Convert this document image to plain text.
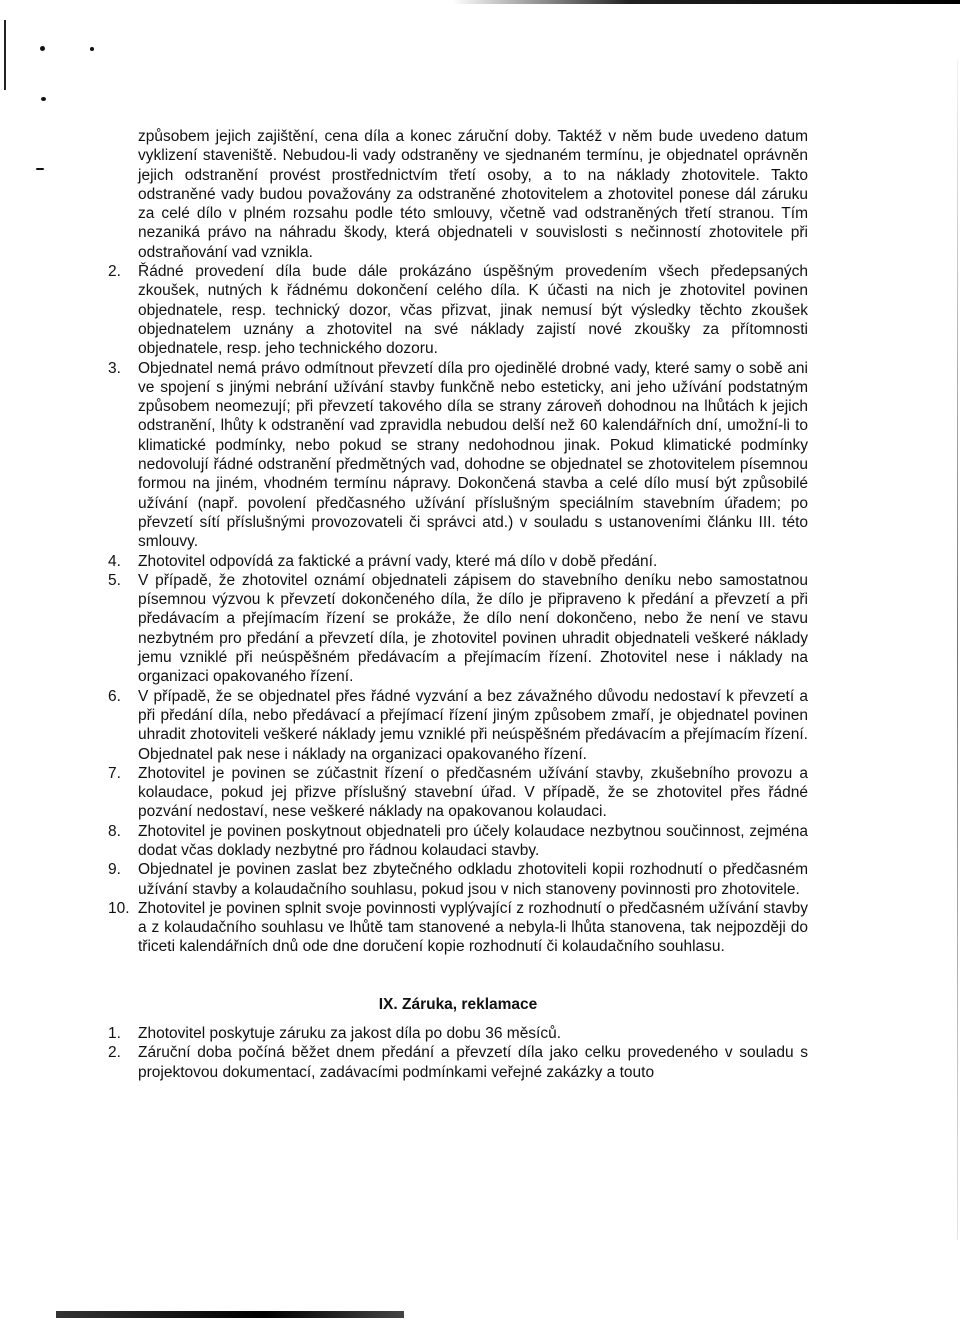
způsobem jejich zajištění, cena díla a konec záruční doby. Taktéž v něm bude uvedeno datum vyklizení staveniště. Nebudou-li vady odstraněny ve sjednaném termínu, je objednatel oprávněn jejich odstranění provést prostřednictvím třetí osoby, a to na náklady zhotovitele. Takto odstraněné vady budou považovány za odstraněné zhotovitelem a zhotovitel ponese dál záruku za celé dílo v plném rozsahu podle této smlouvy, včetně vad odstraněných třetí stranou. Tím nezaniká právo na náhradu škody, která objednateli v souvislosti s nečinností zhotovitele při odstraňování vad vznikla.

2.	Řádné provedení díla bude dále prokázáno úspěšným provedením všech předepsaných zkoušek, nutných k řádnému dokončení celého díla. K účasti na nich je zhotovitel povinen objednatele, resp. technický dozor, včas přizvat, jinak nemusí být výsledky těchto zkoušek objednatelem uznány a zhotovitel na své náklady zajistí nové zkoušky za přítomnosti objednatele, resp. jeho technického dozoru.
3.	Objednatel nemá právo odmítnout převzetí díla pro ojedinělé drobné vady, které samy o sobě ani ve spojení s jinými nebrání užívání stavby funkčně nebo esteticky, ani jeho užívání podstatným způsobem neomezují; při převzetí takového díla se strany zároveň dohodnou na lhůtách k jejich odstranění, lhůty k odstranění vad zpravidla nebudou delší než 60 kalendářních dní, umožní-li to klimatické podmínky, nebo pokud se strany nedohodnou jinak. Pokud klimatické podmínky nedovolují řádné odstranění předmětných vad, dohodne se objednatel se zhotovitelem písemnou formou na jiném, vhodném termínu nápravy. Dokončená stavba a celé dílo musí být způsobilé užívání (např. povolení předčasného užívání příslušným speciálním stavebním úřadem; po převzetí sítí příslušnými provozovateli či správci atd.) v souladu s ustanoveními článku III. této smlouvy.
4.	Zhotovitel odpovídá za faktické a právní vady, které má dílo v době předání.
5.	V případě, že zhotovitel oznámí objednateli zápisem do stavebního deníku nebo samostatnou písemnou výzvou k převzetí dokončeného díla, že dílo je připraveno k předání a převzetí a při předávacím a přejímacím řízení se prokáže, že dílo není dokončeno, nebo že není ve stavu nezbytném pro předání a převzetí díla, je zhotovitel povinen uhradit objednateli veškeré náklady jemu vzniklé při neúspěšném předávacím a přejímacím řízení. Zhotovitel nese i náklady na organizaci opakovaného řízení.
6.	V případě, že se objednatel přes řádné vyzvání a bez závažného důvodu nedostaví k převzetí a při předání díla, nebo předávací a přejímací řízení jiným způsobem zmaří, je objednatel povinen uhradit zhotoviteli veškeré náklady jemu vzniklé při neúspěšném předávacím a přejímacím řízení. Objednatel pak nese i náklady na organizaci opakovaného řízení.
7.	Zhotovitel je povinen se zúčastnit řízení o předčasném užívání stavby, zkušebního provozu a kolaudace, pokud jej přizve příslušný stavební úřad. V případě, že se zhotovitel přes řádné pozvání nedostaví, nese veškeré náklady na opakovanou kolaudaci.
8.	Zhotovitel je povinen poskytnout objednateli pro účely kolaudace nezbytnou součinnost, zejména dodat včas doklady nezbytné pro řádnou kolaudaci stavby.
9.	Objednatel je povinen zaslat bez zbytečného odkladu zhotoviteli kopii rozhodnutí o předčasném užívání stavby a kolaudačního souhlasu, pokud jsou v nich stanoveny povinnosti pro zhotovitele.
10. Zhotovitel je povinen splnit svoje povinnosti vyplývající z rozhodnutí o předčasném užívání stavby a z kolaudačního souhlasu ve lhůtě tam stanovené a nebyla-li lhůta stanovena, tak nejpozději do třiceti kalendářních dnů ode dne doručení kopie rozhodnutí či kolaudačního souhlasu.
IX. Záruka, reklamace
1.	Zhotovitel poskytuje záruku za jakost díla po dobu 36 měsíců.
2.	Záruční doba počíná běžet dnem předání a převzetí díla jako celku provedeného v souladu s projektovou dokumentací, zadávacími podmínkami veřejné zakázky a touto
